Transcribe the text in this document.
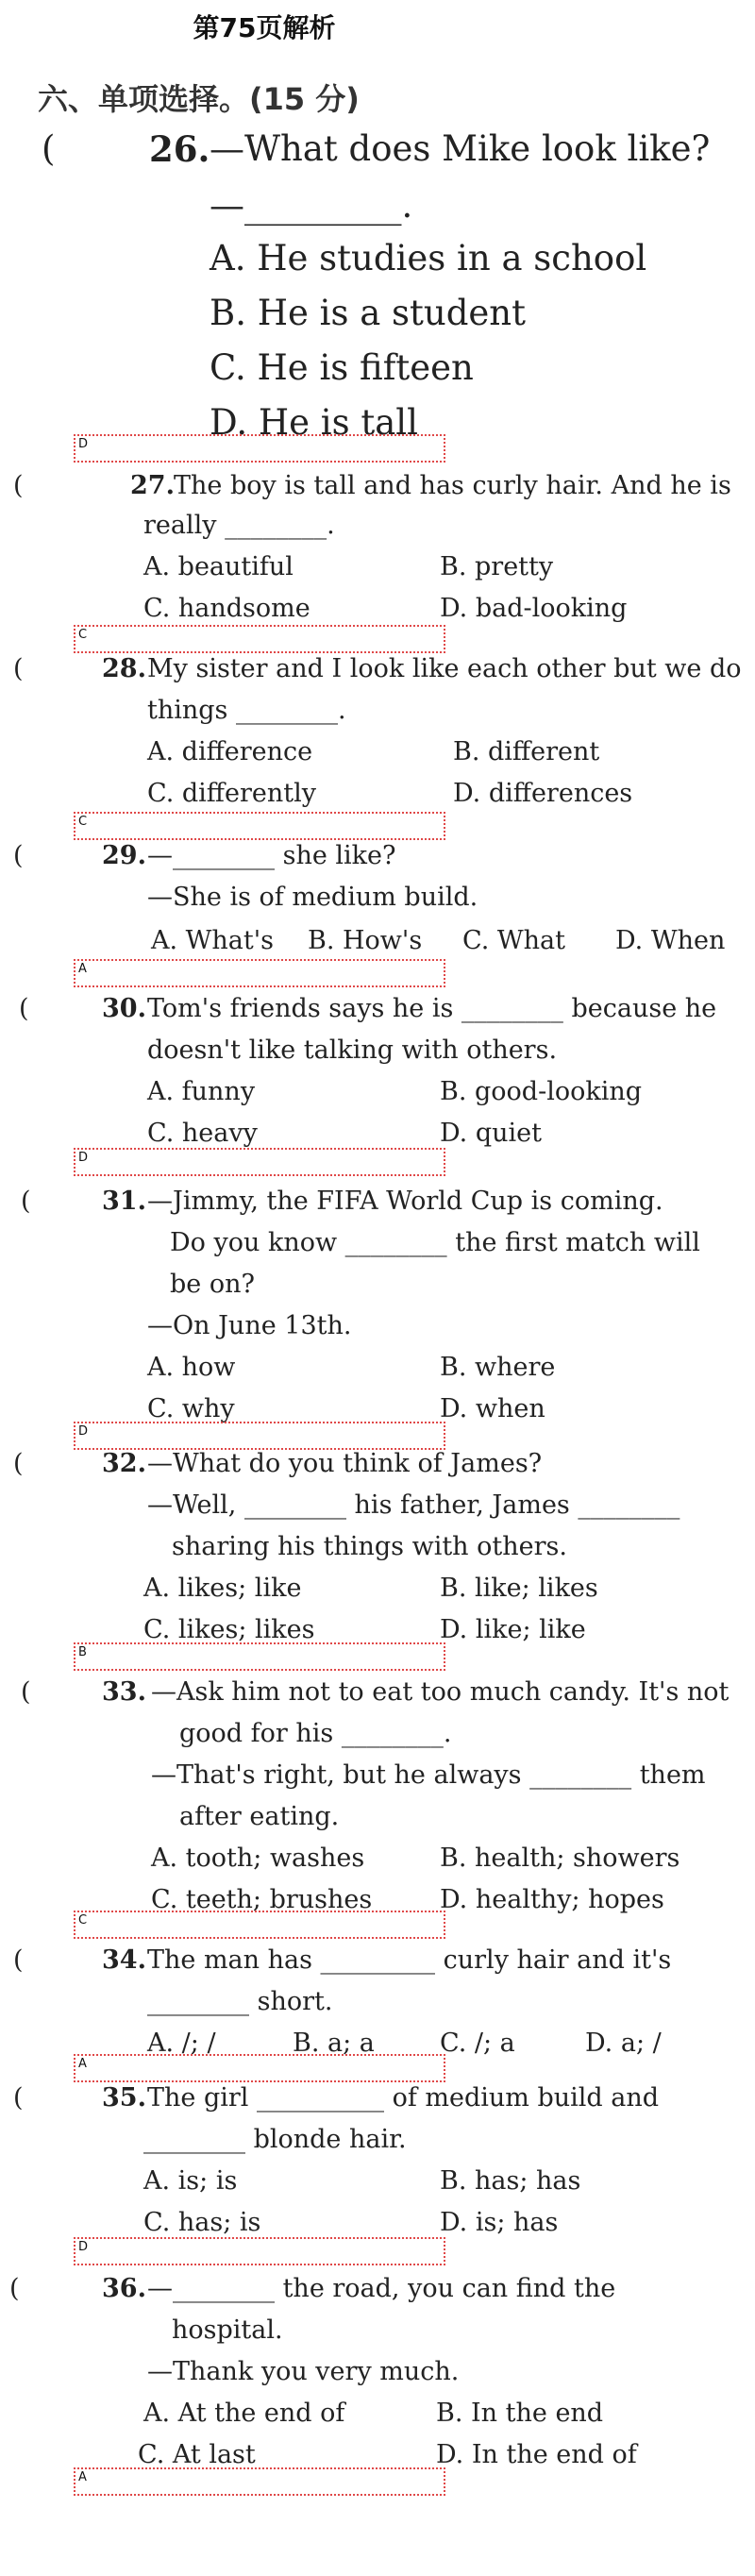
第75页解析
六、单项选择。(15 分)
(	26. —What does Mike look like?
—_________.
A. He studies in a school
B. He is a student
C. He is fifteen
D. He is tall
D
(	27. The boy is tall and has curly hair. And he is
really ________.
A. beautiful	B. pretty
C. handsome	D. bad-looking
C
(	28. My sister and I look like each other but we do
things ________.
A. difference	B. different
C. differently	D. differences
C
(	29. —________ she like?
—She is of medium build.
A. What's B. How's C. What D. When
A
(	30. Tom's friends says he is ________ because he
doesn't like talking with others.
A. funny	B. good-looking
C. heavy	D. quiet
D
(	31. —Jimmy, the FIFA World Cup is coming.
Do you know ________ the first match will
be on?
—On June 13th.
A. how	B. where
C. why	D. when
D
(	32. —What do you think of James?
—Well, ________ his father, James ________
sharing his things with others.
A. likes; like	B. like; likes
C. likes; likes	D. like; like
B
(	33. —Ask him not to eat too much candy. It's not
good for his ________.
—That's right, but he always ________ them
after eating.
A. tooth; washes	B. health; showers
C. teeth; brushes	D. healthy; hopes
C
(	34. The man has _________ curly hair and it's
________ short.
A. /; /	B. a; a	C. /; a	D. a; /
A
(	35. The girl __________ of medium build and
________ blonde hair.
A. is; is	B. has; has
C. has; is	D. is; has
D
(	36. —________ the road, you can find the
hospital.
—Thank you very much.
A. At the end of	B. In the end
C. At last	D. In the end of
A
